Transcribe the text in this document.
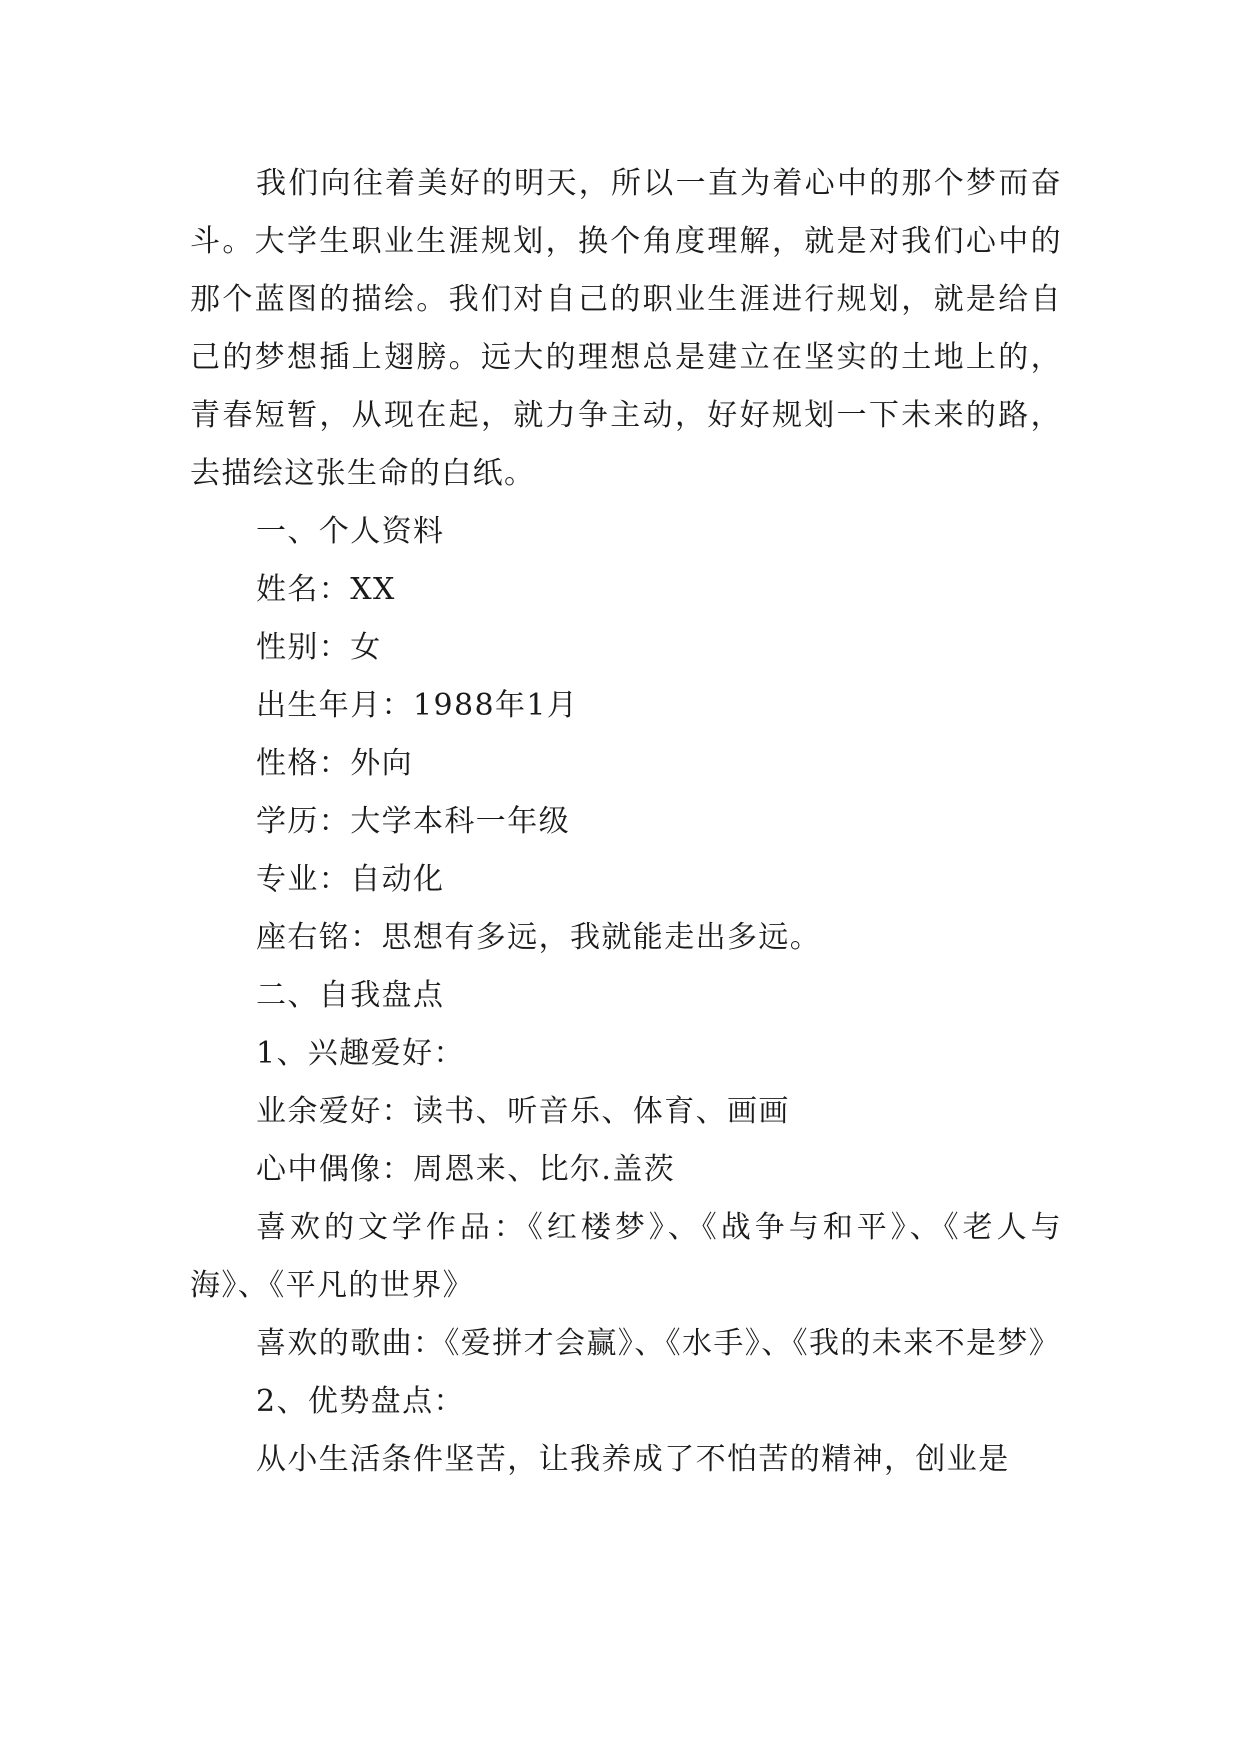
我们向往着美好的明天，所以一直为着心中的那个梦而奋斗。大学生职业生涯规划，换个角度理解，就是对我们心中的那个蓝图的描绘。我们对自己的职业生涯进行规划，就是给自己的梦想插上翅膀。远大的理想总是建立在坚实的土地上的，青春短暂，从现在起，就力争主动，好好规划一下未来的路，去描绘这张生命的白纸。

一、个人资料

姓名：XX

性别：女

出生年月：1988年1月

性格：外向

学历：大学本科一年级

专业：自动化

座右铭：思想有多远，我就能走出多远。

二、自我盘点

1、兴趣爱好：

业余爱好：读书、听音乐、体育、画画

心中偶像：周恩来、比尔.盖茨

喜欢的文学作品：《红楼梦》、《战争与和平》、《老人与海》、《平凡的世界》

喜欢的歌曲：《爱拼才会赢》、《水手》、《我的未来不是梦》

2、优势盘点：

从小生活条件坚苦，让我养成了不怕苦的精神，创业是
